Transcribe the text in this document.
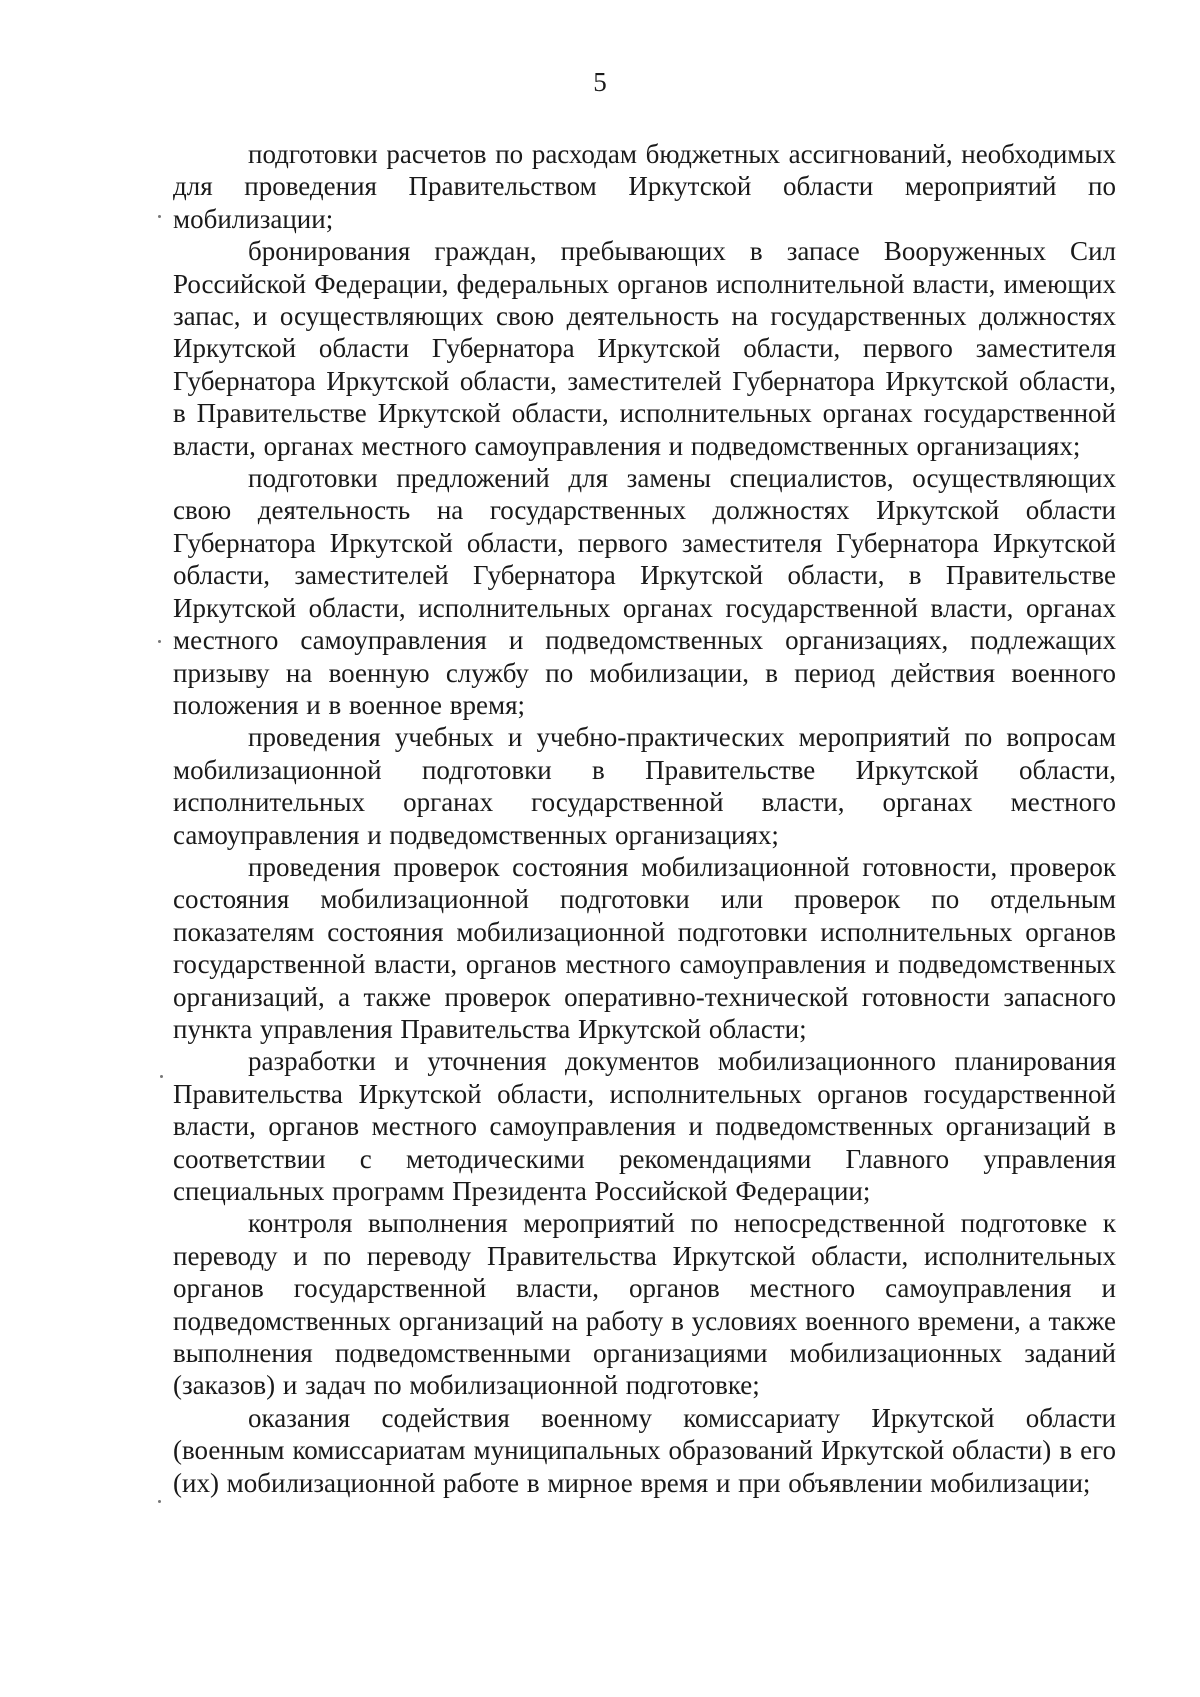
5

подготовки расчетов по расходам бюджетных ассигнований, необходимых для проведения Правительством Иркутской области мероприятий по мобилизации;

бронирования граждан, пребывающих в запасе Вооруженных Сил Российской Федерации, федеральных органов исполнительной власти, имеющих запас, и осуществляющих свою деятельность на государственных должностях Иркутской области Губернатора Иркутской области, первого заместителя Губернатора Иркутской области, заместителей Губернатора Иркутской области, в Правительстве Иркутской области, исполнительных органах государственной власти, органах местного самоуправления и подведомственных организациях;

подготовки предложений для замены специалистов, осуществляющих свою деятельность на государственных должностях Иркутской области Губернатора Иркутской области, первого заместителя Губернатора Иркутской области, заместителей Губернатора Иркутской области, в Правительстве Иркутской области, исполнительных органах государственной власти, органах местного самоуправления и подведомственных организациях, подлежащих призыву на военную службу по мобилизации, в период действия военного положения и в военное время;

проведения учебных и учебно-практических мероприятий по вопросам мобилизационной подготовки в Правительстве Иркутской области, исполнительных органах государственной власти, органах местного самоуправления и подведомственных организациях;

проведения проверок состояния мобилизационной готовности, проверок состояния мобилизационной подготовки или проверок по отдельным показателям состояния мобилизационной подготовки исполнительных органов государственной власти, органов местного самоуправления и подведомственных организаций, а также проверок оперативно-технической готовности запасного пункта управления Правительства Иркутской области;

разработки и уточнения документов мобилизационного планирования Правительства Иркутской области, исполнительных органов государственной власти, органов местного самоуправления и подведомственных организаций в соответствии с методическими рекомендациями Главного управления специальных программ Президента Российской Федерации;

контроля выполнения мероприятий по непосредственной подготовке к переводу и по переводу Правительства Иркутской области, исполнительных органов государственной власти, органов местного самоуправления и подведомственных организаций на работу в условиях военного времени, а также выполнения подведомственными организациями мобилизационных заданий (заказов) и задач по мобилизационной подготовке;

оказания содействия военному комиссариату Иркутской области (военным комиссариатам муниципальных образований Иркутской области) в его (их) мобилизационной работе в мирное время и при объявлении мобилизации;
